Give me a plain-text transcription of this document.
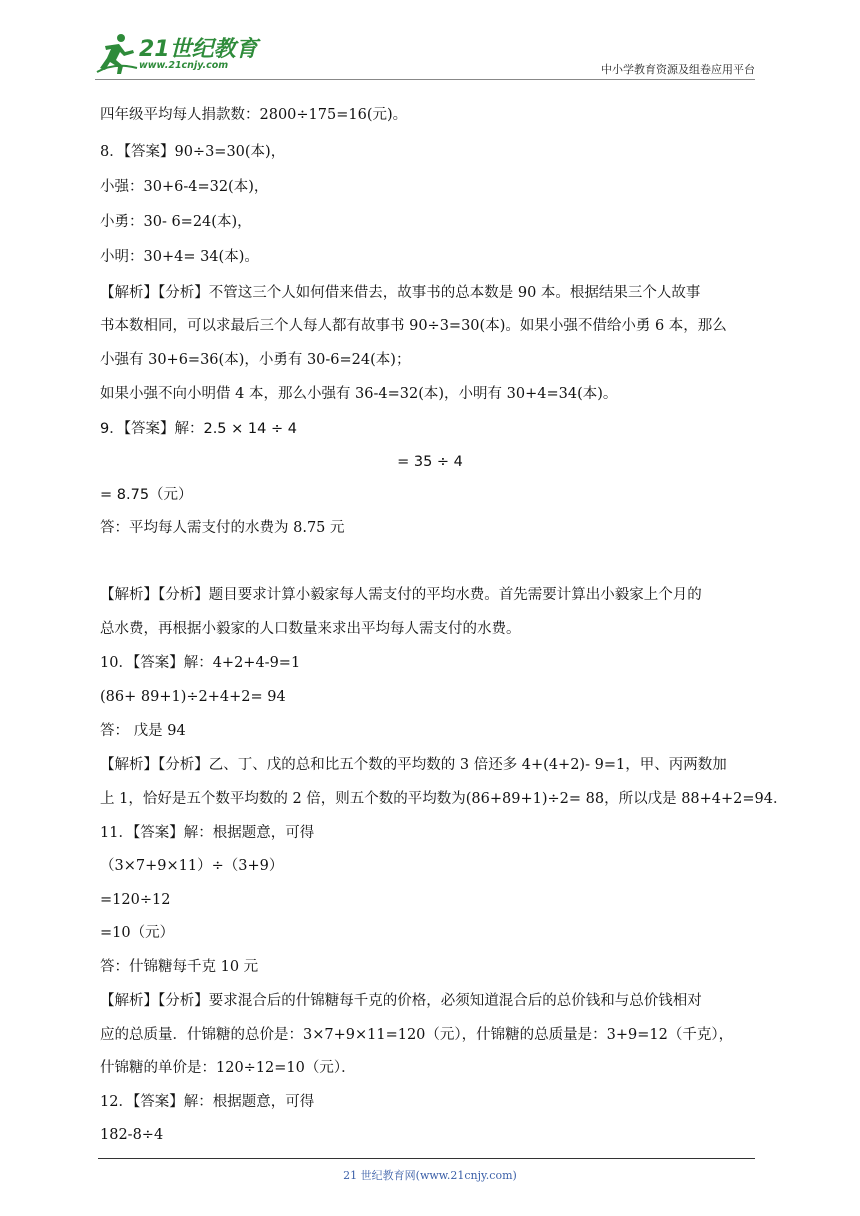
21世纪教育
www.21cnjy.com	中小学教育资源及组卷应用平台
四年级平均每人捐款数：2800÷175=16(元)。
8．【答案】90÷3=30(本)，
小强：30+6-4=32(本)，
小勇：30- 6=24(本)，
小明：30+4= 34(本)。
【解析】【分析】不管这三个人如何借来借去，故事书的总本数是 90 本。根据结果三个人故事
书本数相同，可以求最后三个人每人都有故事书 90÷3=30(本)。如果小强不借给小勇 6 本，那么
小强有 30+6=36(本)，小勇有 30-6=24(本)；
如果小强不向小明借 4 本，那么小强有 36-4=32(本)，小明有 30+4=34(本)。
9．【答案】解：2.5 × 14 ÷ 4
= 35 ÷ 4
= 8.75（元）
答：平均每人需支付的水费为 8.75 元
【解析】【分析】题目要求计算小毅家每人需支付的平均水费。首先需要计算出小毅家上个月的
总水费，再根据小毅家的人口数量来求出平均每人需支付的水费。
10．【答案】解：4+2+4-9=1
(86+ 89+1)÷2+4+2= 94
答： 戊是 94
【解析】【分析】乙、丁、戊的总和比五个数的平均数的 3 倍还多 4+(4+2)- 9=1，甲、丙两数加
上 1，恰好是五个数平均数的 2 倍，则五个数的平均数为(86+89+1)÷2= 88，所以戊是 88+4+2=94．
11．【答案】解：根据题意，可得
（3×7+9×11）÷（3+9）
=120÷12
=10（元）
答：什锦糖每千克 10 元
【解析】【分析】要求混合后的什锦糖每千克的价格，必须知道混合后的总价钱和与总价钱相对
应的总质量．什锦糖的总价是：3×7+9×11=120（元），什锦糖的总质量是：3+9=12（千克），
什锦糖的单价是：120÷12=10（元）．
12．【答案】解：根据题意，可得
182-8÷4
21 世纪教育网(www.21cnjy.com)
